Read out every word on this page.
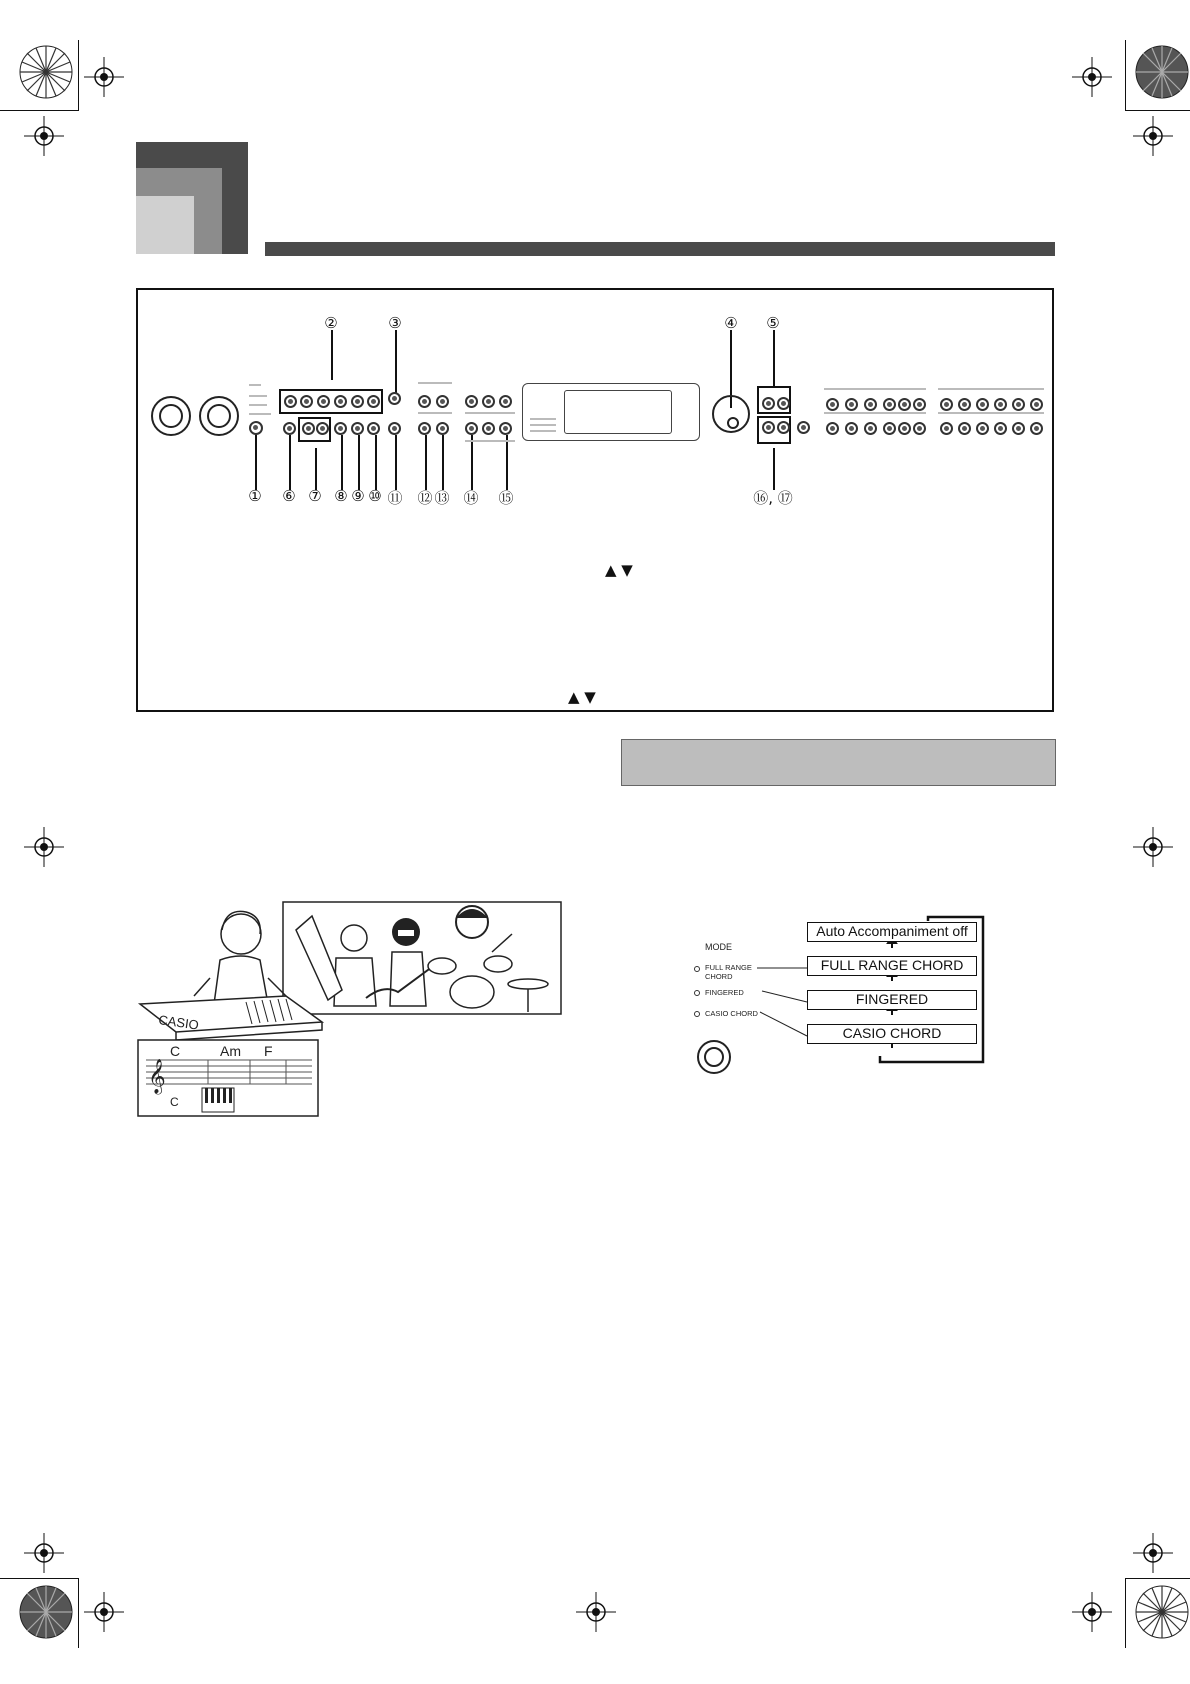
②	③	④ ⑤
① ⑥ ⑦ ⑧ ⑨ ⑩ ⑪ ⑫ ⑬ ⑭ ⑮	⑯, ⑰
▲ ▼
▲ ▼
CASIO
𝄞
C	Am F
C
MODE
FULL RANGE CHORD
FINGERED
CASIO CHORD
Auto Accompaniment off
FULL RANGE CHORD
FINGERED
CASIO CHORD
